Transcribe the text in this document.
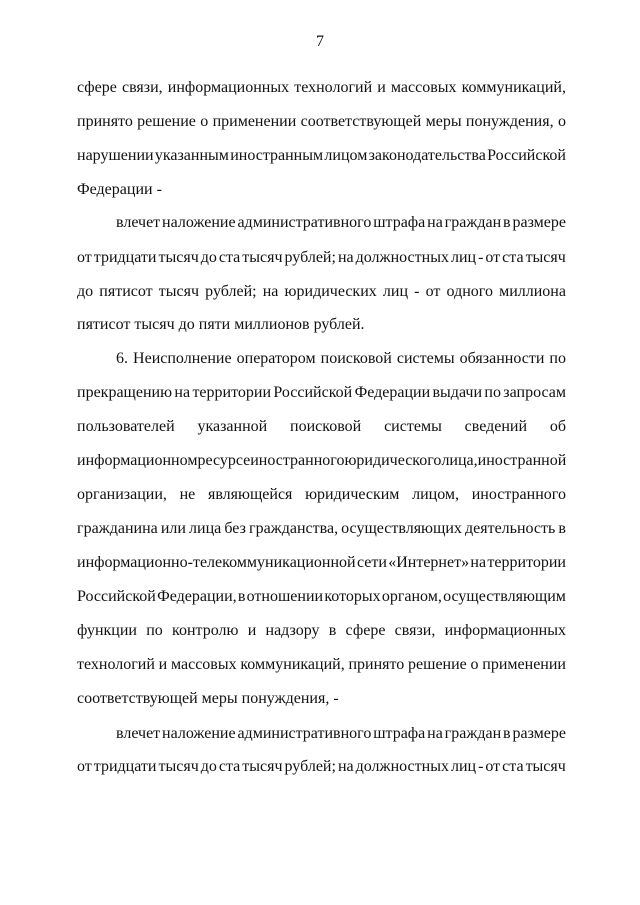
7
сфере связи, информационных технологий и массовых коммуникаций,
принято решение о применении соответствующей меры понуждения, о
нарушении указанным иностранным лицом законодательства Российской
Федерации -
влечет наложение административного штрафа на граждан в размере
от тридцати тысяч до ста тысяч рублей; на должностных лиц - от ста тысяч
до пятисот тысяч рублей; на юридических лиц - от одного миллиона
пятисот тысяч до пяти миллионов рублей.
6. Неисполнение оператором поисковой системы обязанности по
прекращению на территории Российской Федерации выдачи по запросам
пользователей указанной поисковой системы сведений об
информационном ресурсе иностранного юридического лица, иностранной
организации, не являющейся юридическим лицом, иностранного
гражданина или лица без гражданства, осуществляющих деятельность в
информационно-телекоммуникационной сети «Интернет» на территории
Российской Федерации, в отношении которых органом, осуществляющим
функции по контролю и надзору в сфере связи, информационных
технологий и массовых коммуникаций, принято решение о применении
соответствующей меры понуждения, -
влечет наложение административного штрафа на граждан в размере
от тридцати тысяч до ста тысяч рублей; на должностных лиц - от ста тысяч
